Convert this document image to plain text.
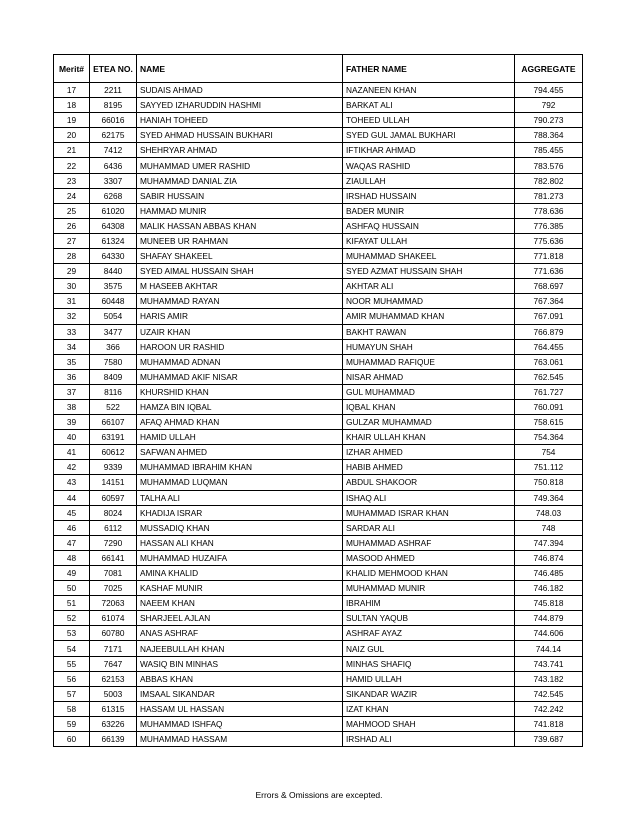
Merit#	ETEA NO.	NAME	FATHER NAME	AGGREGATE
17	2211	SUDAIS AHMAD	NAZANEEN KHAN	794.455
18	8195	SAYYED IZHARUDDIN HASHMI	BARKAT ALI	792
19	66016	HANIAH TOHEED	TOHEED ULLAH	790.273
20	62175	SYED AHMAD HUSSAIN BUKHARI	SYED GUL JAMAL BUKHARI	788.364
21	7412	SHEHRYAR AHMAD	IFTIKHAR AHMAD	785.455
22	6436	MUHAMMAD UMER RASHID	WAQAS RASHID	783.576
23	3307	MUHAMMAD DANIAL ZIA	ZIAULLAH	782.802
24	6268	SABIR HUSSAIN	IRSHAD HUSSAIN	781.273
25	61020	HAMMAD MUNIR	BADER MUNIR	778.636
26	64308	MALIK HASSAN ABBAS KHAN	ASHFAQ HUSSAIN	776.385
27	61324	MUNEEB UR RAHMAN	KIFAYAT ULLAH	775.636
28	64330	SHAFAY SHAKEEL	MUHAMMAD SHAKEEL	771.818
29	8440	SYED AIMAL HUSSAIN SHAH	SYED AZMAT HUSSAIN SHAH	771.636
30	3575	M HASEEB AKHTAR	AKHTAR ALI	768.697
31	60448	MUHAMMAD RAYAN	NOOR MUHAMMAD	767.364
32	5054	HARIS AMIR	AMIR MUHAMMAD KHAN	767.091
33	3477	UZAIR KHAN	BAKHT RAWAN	766.879
34	366	HAROON UR RASHID	HUMAYUN SHAH	764.455
35	7580	MUHAMMAD ADNAN	MUHAMMAD RAFIQUE	763.061
36	8409	MUHAMMAD AKIF NISAR	NISAR AHMAD	762.545
37	8116	KHURSHID KHAN	GUL MUHAMMAD	761.727
38	522	HAMZA BIN IQBAL	IQBAL KHAN	760.091
39	66107	AFAQ AHMAD KHAN	GULZAR MUHAMMAD	758.615
40	63191	HAMID ULLAH	KHAIR ULLAH KHAN	754.364
41	60612	SAFWAN AHMED	IZHAR AHMED	754
42	9339	MUHAMMAD IBRAHIM KHAN	HABIB AHMED	751.112
43	14151	MUHAMMAD LUQMAN	ABDUL SHAKOOR	750.818
44	60597	TALHA ALI	ISHAQ ALI	749.364
45	8024	KHADIJA ISRAR	MUHAMMAD ISRAR KHAN	748.03
46	6112	MUSSADIQ KHAN	SARDAR ALI	748
47	7290	HASSAN ALI KHAN	MUHAMMAD ASHRAF	747.394
48	66141	MUHAMMAD HUZAIFA	MASOOD AHMED	746.874
49	7081	AMINA KHALID	KHALID MEHMOOD KHAN	746.485
50	7025	KASHAF MUNIR	MUHAMMAD MUNIR	746.182
51	72063	NAEEM KHAN	IBRAHIM	745.818
52	61074	SHARJEEL AJLAN	SULTAN YAQUB	744.879
53	60780	ANAS ASHRAF	ASHRAF AYAZ	744.606
54	7171	NAJEEBULLAH KHAN	NAIZ GUL	744.14
55	7647	WASIQ BIN MINHAS	MINHAS SHAFIQ	743.741
56	62153	ABBAS KHAN	HAMID ULLAH	743.182
57	5003	IMSAAL SIKANDAR	SIKANDAR WAZIR	742.545
58	61315	HASSAM UL HASSAN	IZAT KHAN	742.242
59	63226	MUHAMMAD ISHFAQ	MAHMOOD SHAH	741.818
60	66139	MUHAMMAD HASSAM	IRSHAD ALI	739.687
Errors & Omissions are excepted.
